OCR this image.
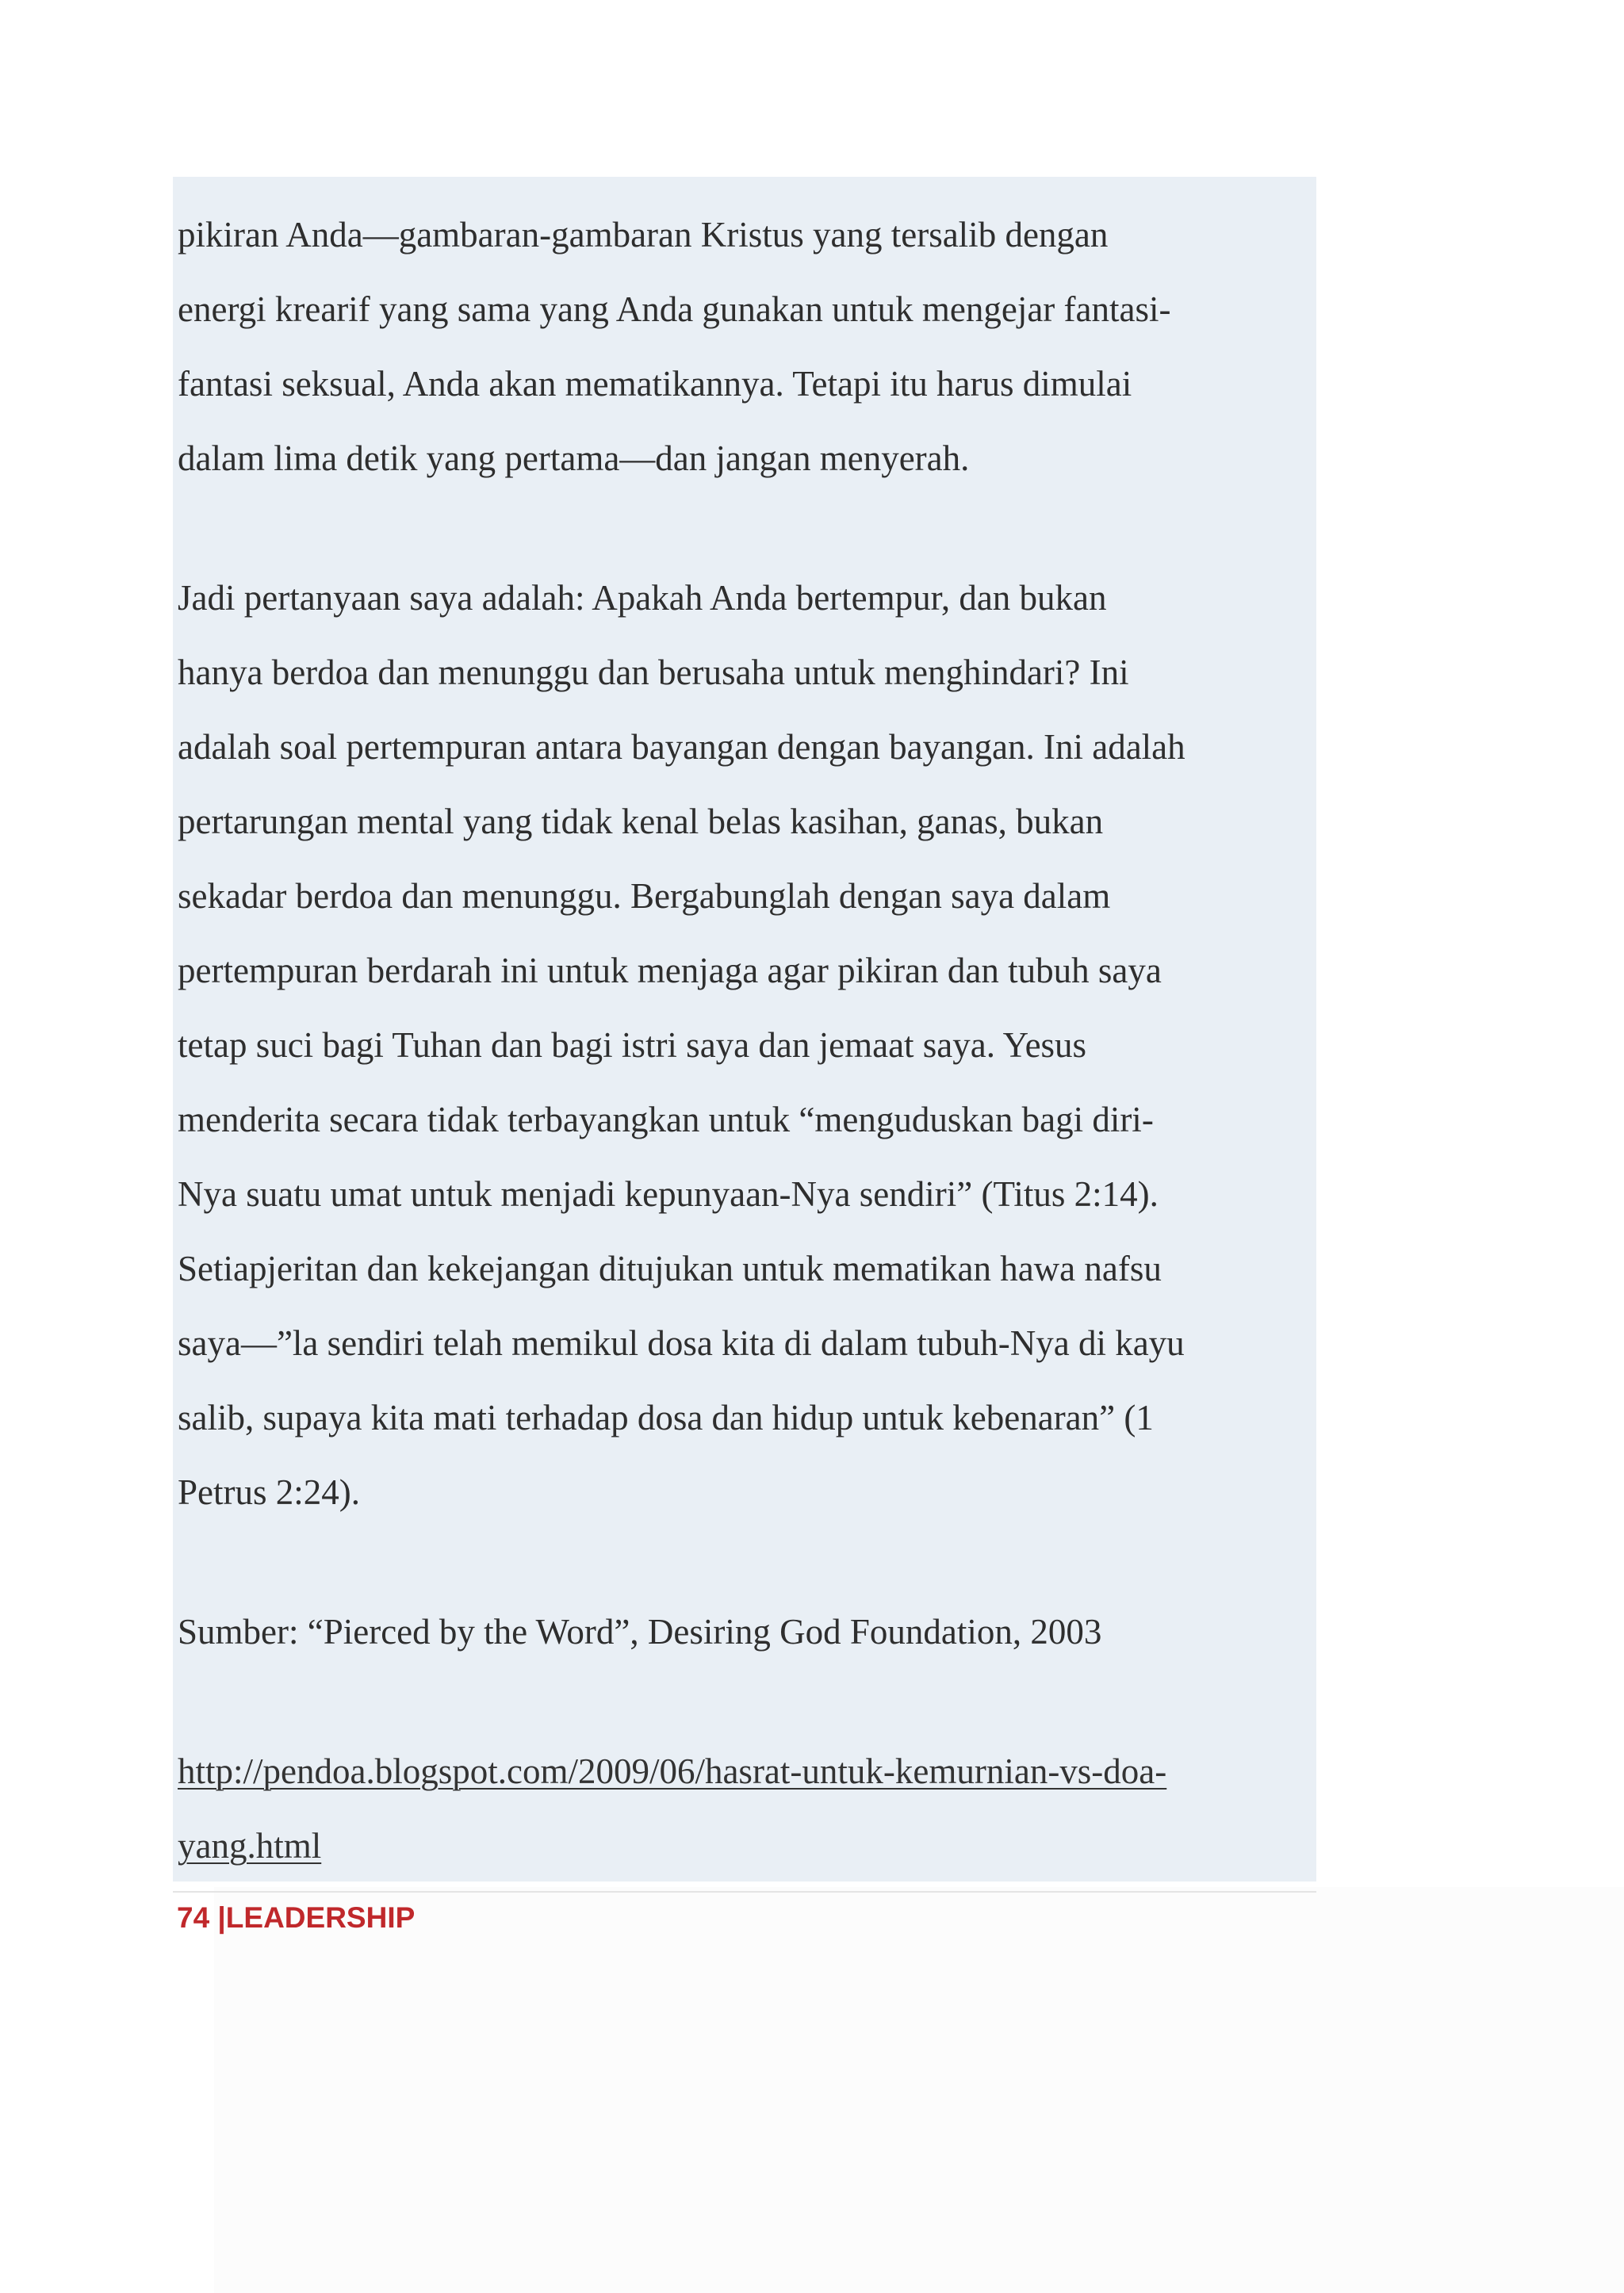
pikiran Anda—gambaran-gambaran Kristus yang tersalib dengan
energi krearif yang sama yang Anda gunakan untuk mengejar fantasi-
fantasi seksual, Anda akan mematikannya. Tetapi itu harus dimulai
dalam lima detik yang pertama—dan jangan menyerah.
Jadi pertanyaan saya adalah: Apakah Anda bertempur, dan bukan
hanya berdoa dan menunggu dan berusaha untuk menghindari? Ini
adalah soal pertempuran antara bayangan dengan bayangan. Ini adalah
pertarungan mental yang tidak kenal belas kasihan, ganas, bukan
sekadar berdoa dan menunggu. Bergabunglah dengan saya dalam
pertempuran berdarah ini untuk menjaga agar pikiran dan tubuh saya
tetap suci bagi Tuhan dan bagi istri saya dan jemaat saya. Yesus
menderita secara tidak terbayangkan untuk “menguduskan bagi diri-
Nya suatu umat untuk menjadi kepunyaan-Nya sendiri” (Titus 2:14).
Setiapjeritan dan kekejangan ditujukan untuk mematikan hawa nafsu
saya—”la sendiri telah memikul dosa kita di dalam tubuh-Nya di kayu
salib, supaya kita mati terhadap dosa dan hidup untuk kebenaran” (1
Petrus 2:24).
Sumber: “Pierced by the Word”, Desiring God Foundation, 2003
http://pendoa.blogspot.com/2009/06/hasrat-untuk-kemurnian-vs-doa-
yang.html
74 |LEADERSHIP
